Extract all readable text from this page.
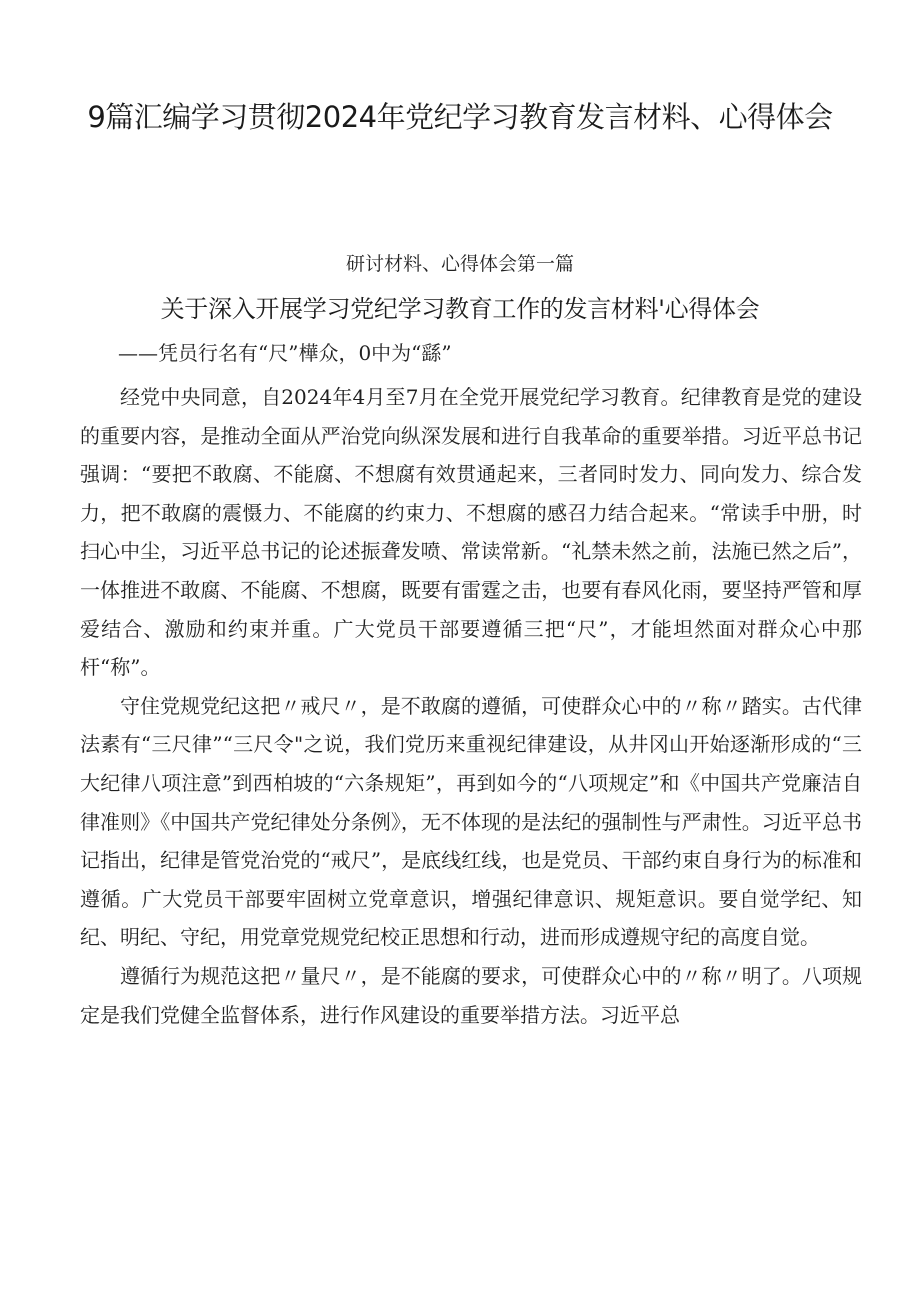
9篇汇编学习贯彻2024年党纪学习教育发言材料、心得体会
研讨材料、心得体会第一篇
关于深入开展学习党纪学习教育工作的发言材料'心得体会
——凭员行名有“尺”樺众，0中为“繇”

经党中央同意，自2024年4月至7月在全党开展党纪学习教育。纪律教育是党的建设的重要内容，是推动全面从严治党向纵深发展和进行自我革命的重要举措。习近平总书记强调：“要把不敢腐、不能腐、不想腐有效贯通起来，三者同时发力、同向发力、综合发力，把不敢腐的震慑力、不能腐的约束力、不想腐的感召力结合起来。“常读手中册，时扫心中尘，习近平总书记的论述振聋发喷、常读常新。“礼禁未然之前，法施已然之后”，一体推进不敢腐、不能腐、不想腐，既要有雷霆之击，也要有春风化雨，要坚持严管和厚爱结合、激励和约束并重。广大党员干部要遵循三把“尺”，才能坦然面对群众心中那杆“称”。

守住党规党纪这把〃戒尺〃，是不敢腐的遵循，可使群众心中的〃称〃踏实。古代律法素有“三尺律”“三尺令"之说，我们党历来重视纪律建设，从井冈山开始逐渐形成的“三大纪律八项注意”到西柏坡的“六条规矩”，再到如今的“八项规定”和《中国共产党廉洁自律准则》《中国共产党纪律处分条例》，无不体现的是法纪的强制性与严肃性。习近平总书记指出，纪律是管党治党的“戒尺”，是底线红线，也是党员、干部约束自身行为的标准和遵循。广大党员干部要牢固树立党章意识，增强纪律意识、规矩意识。要自觉学纪、知纪、明纪、守纪，用党章党规党纪校正思想和行动，进而形成遵规守纪的高度自觉。

遵循行为规范这把〃量尺〃，是不能腐的要求，可使群众心中的〃称〃明了。八项规定是我们党健全监督体系，进行作风建设的重要举措方法。习近平总
